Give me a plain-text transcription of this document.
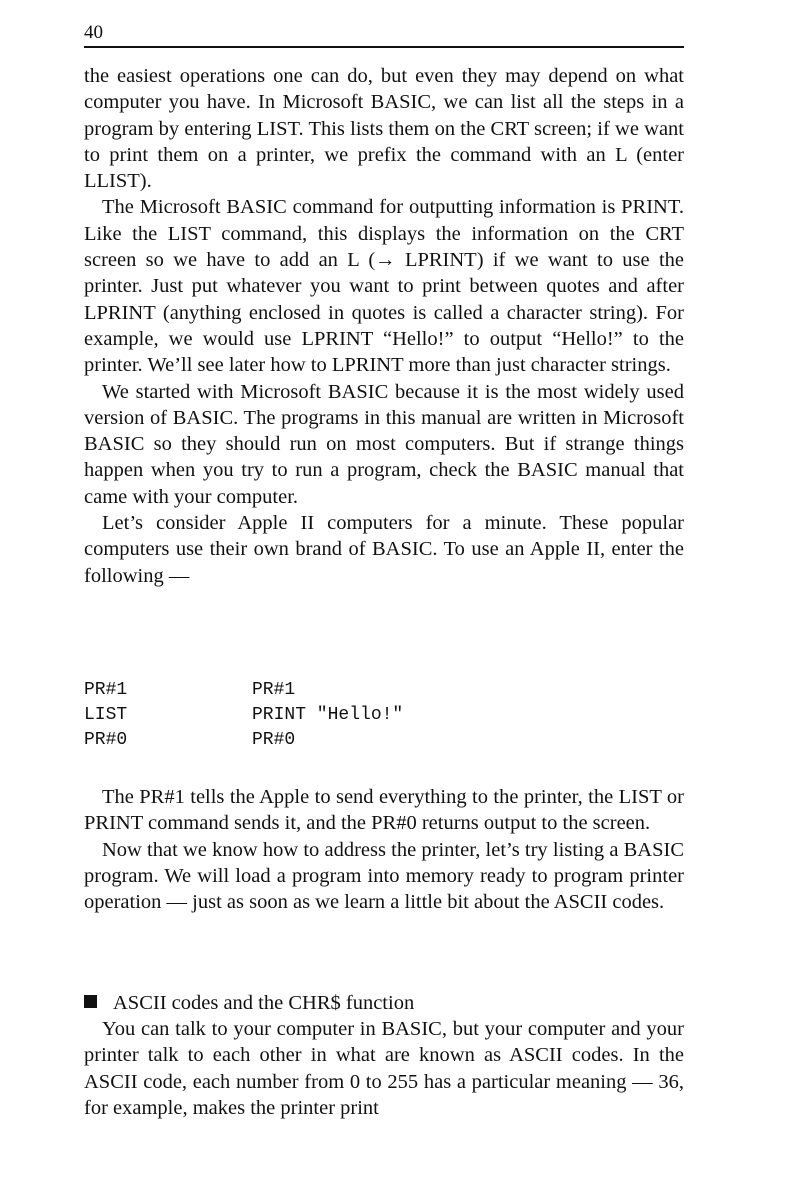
40

the easiest operations one can do, but even they may depend on what computer you have. In Microsoft BASIC, we can list all the steps in a program by entering LIST. This lists them on the CRT screen; if we want to print them on a printer, we prefix the command with an L (enter LLIST).

The Microsoft BASIC command for outputting information is PRINT. Like the LIST command, this displays the information on the CRT screen so we have to add an L (→ LPRINT) if we want to use the printer. Just put whatever you want to print between quotes and after LPRINT (anything enclosed in quotes is called a character string). For example, we would use LPRINT “Hello!” to output “Hello!” to the printer. We’ll see later how to LPRINT more than just character strings.

We started with Microsoft BASIC because it is the most widely used version of BASIC. The programs in this manual are written in Microsoft BASIC so they should run on most computers. But if strange things happen when you try to run a program, check the BASIC manual that came with your computer.

Let’s consider Apple II computers for a minute. These popular computers use their own brand of BASIC. To use an Apple II, enter the following —

PR#1
LIST
PR#0
PR#1
PRINT "Hello!"
PR#0

The PR#1 tells the Apple to send everything to the printer, the LIST or PRINT command sends it, and the PR#0 returns output to the screen.

Now that we know how to address the printer, let’s try listing a BASIC program. We will load a program into memory ready to program printer operation — just as soon as we learn a little bit about the ASCII codes.

ASCII codes and the CHR$ function

You can talk to your computer in BASIC, but your computer and your printer talk to each other in what are known as ASCII codes. In the ASCII code, each number from 0 to 255 has a particular meaning — 36, for example, makes the printer print
